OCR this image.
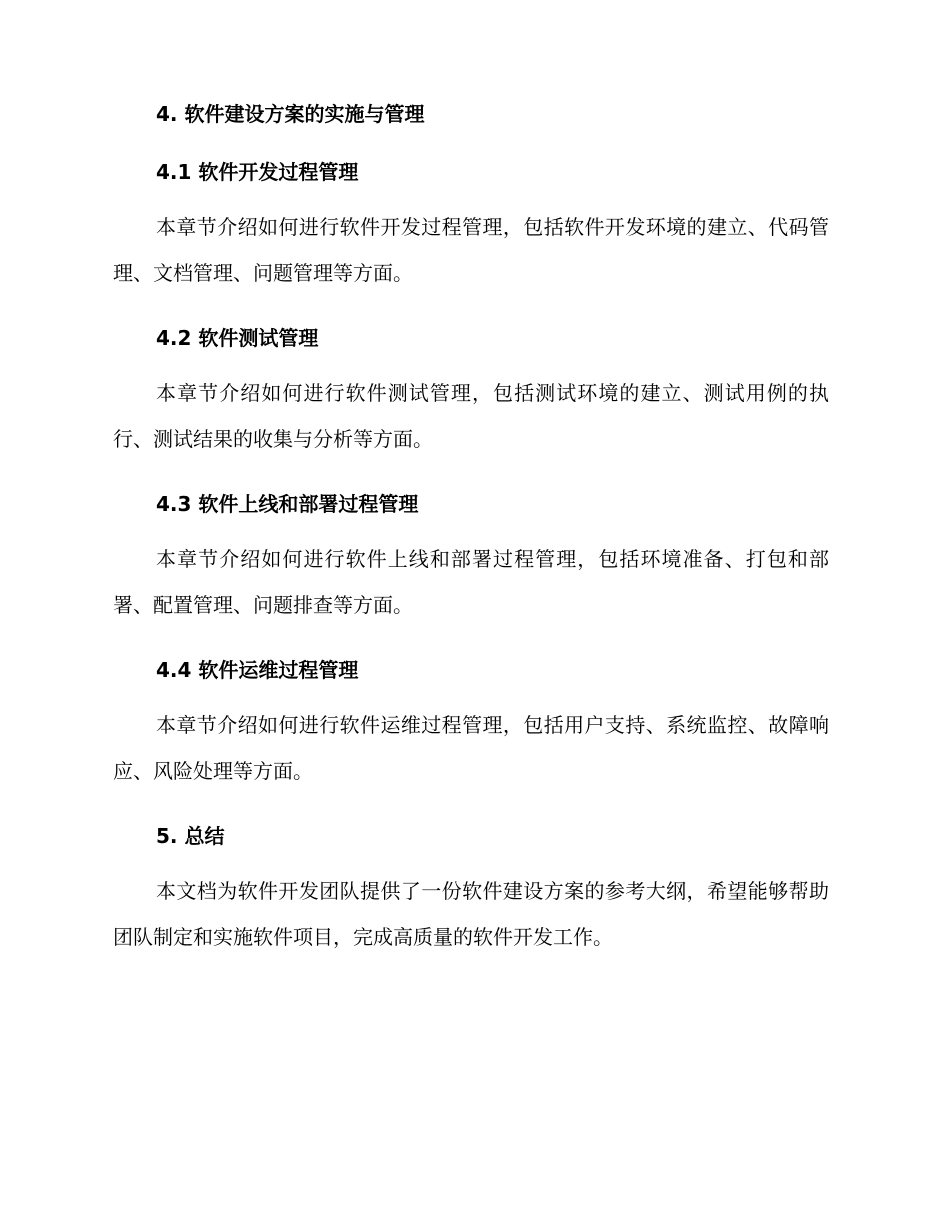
4. 软件建设方案的实施与管理
4.1 软件开发过程管理

本章节介绍如何进行软件开发过程管理，包括软件开发环境的建立、代码管理、文档管理、问题管理等方面。

4.2 软件测试管理

本章节介绍如何进行软件测试管理，包括测试环境的建立、测试用例的执行、测试结果的收集与分析等方面。

4.3 软件上线和部署过程管理

本章节介绍如何进行软件上线和部署过程管理，包括环境准备、打包和部署、配置管理、问题排查等方面。

4.4 软件运维过程管理

本章节介绍如何进行软件运维过程管理，包括用户支持、系统监控、故障响应、风险处理等方面。

5. 总结

本文档为软件开发团队提供了一份软件建设方案的参考大纲，希望能够帮助团队制定和实施软件项目，完成高质量的软件开发工作。
